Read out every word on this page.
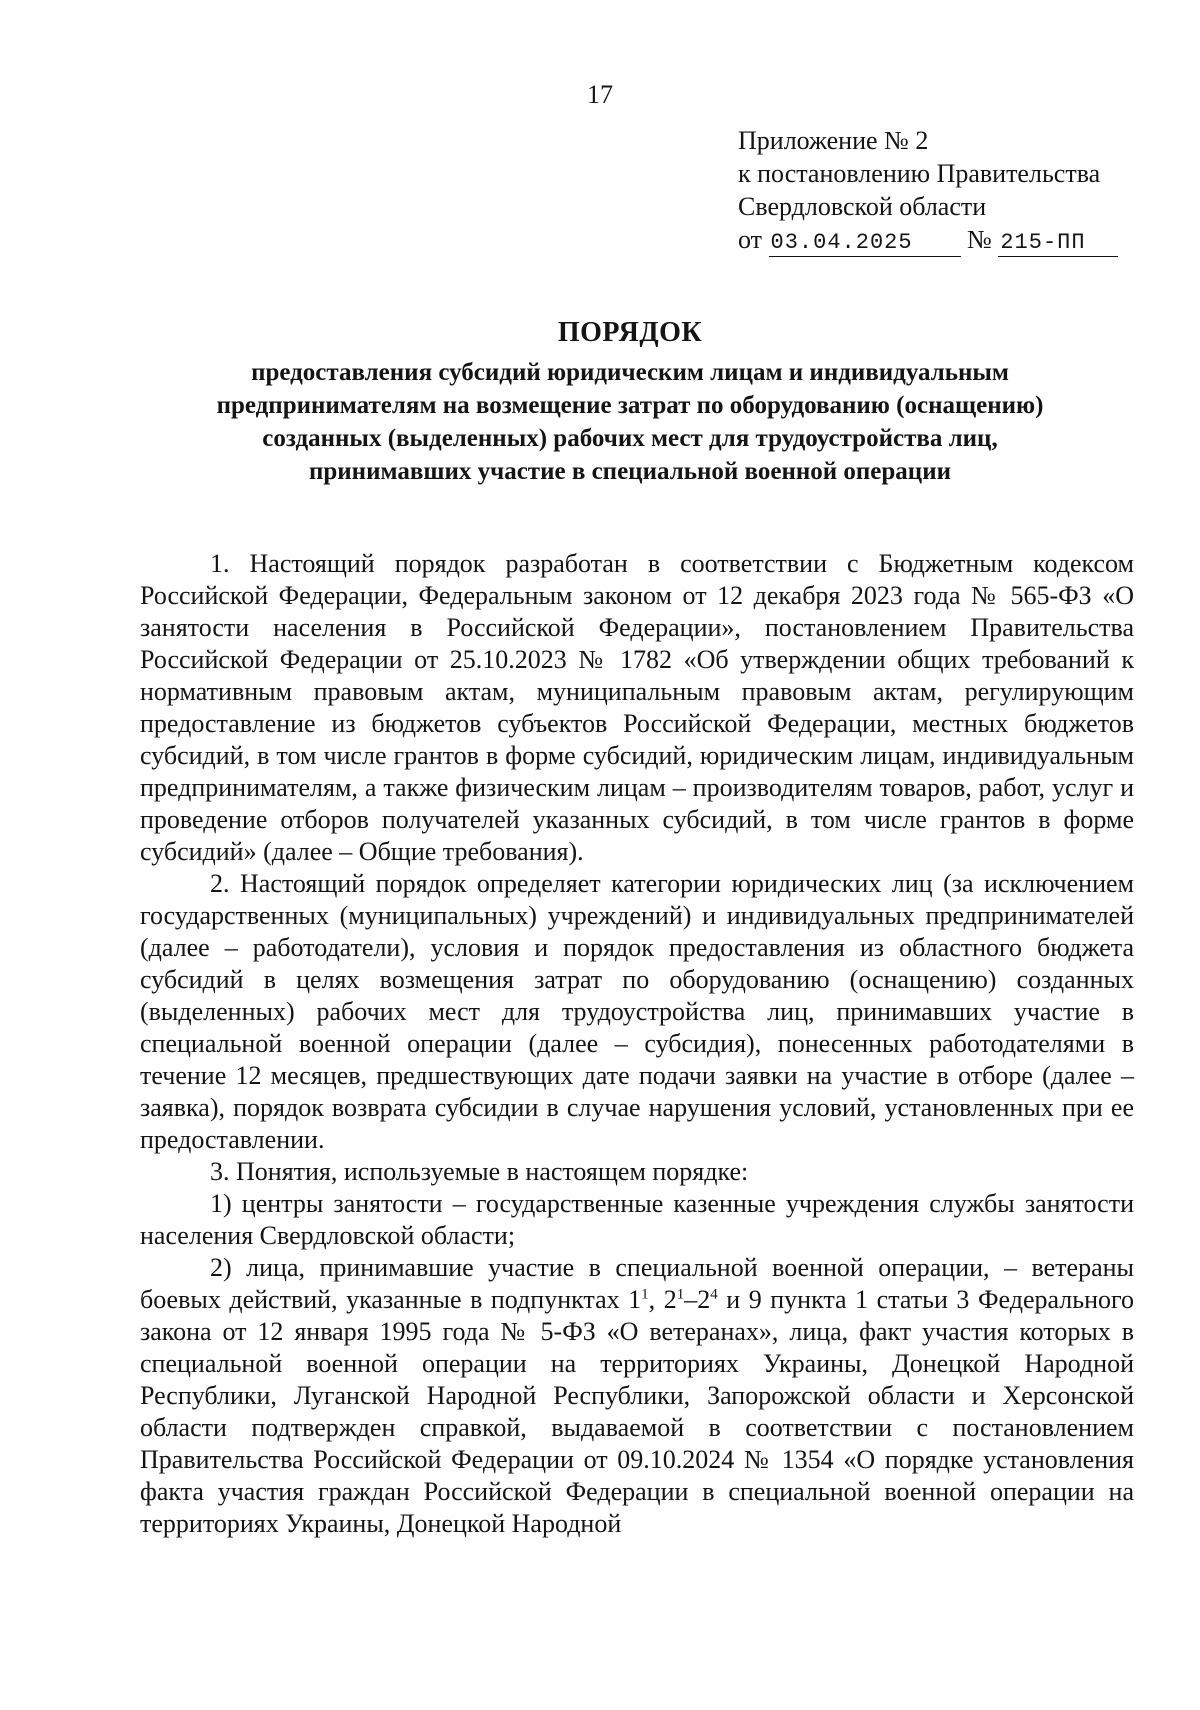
17
Приложение № 2
к постановлению Правительства
Свердловской области
от 03.04.2025 № 215-ПП
ПОРЯДОК
предоставления субсидий юридическим лицам и индивидуальным
предпринимателям на возмещение затрат по оборудованию (оснащению)
созданных (выделенных) рабочих мест для трудоустройства лиц,
принимавших участие в специальной военной операции

1. Настоящий порядок разработан в соответствии с Бюджетным кодексом Российской Федерации, Федеральным законом от 12 декабря 2023 года № 565-ФЗ «О занятости населения в Российской Федерации», постановлением Правительства Российской Федерации от 25.10.2023 № 1782 «Об утверждении общих требований к нормативным правовым актам, муниципальным правовым актам, регулирующим предоставление из бюджетов субъектов Российской Федерации, местных бюджетов субсидий, в том числе грантов в форме субсидий, юридическим лицам, индивидуальным предпринимателям, а также физическим лицам – производителям товаров, работ, услуг и проведение отборов получателей указанных субсидий, в том числе грантов в форме субсидий» (далее – Общие требования).

2. Настоящий порядок определяет категории юридических лиц (за исключением государственных (муниципальных) учреждений) и индивидуальных предпринимателей (далее – работодатели), условия и порядок предоставления из областного бюджета субсидий в целях возмещения затрат по оборудованию (оснащению) созданных (выделенных) рабочих мест для трудоустройства лиц, принимавших участие в специальной военной операции (далее – субсидия), понесенных работодателями в течение 12 месяцев, предшествующих дате подачи заявки на участие в отборе (далее – заявка), порядок возврата субсидии в случае нарушения условий, установленных при ее предоставлении.

3. Понятия, используемые в настоящем порядке:

1) центры занятости – государственные казенные учреждения службы занятости населения Свердловской области;

2) лица, принимавшие участие в специальной военной операции, – ветераны боевых действий, указанные в подпунктах $1^1$, $2^1-2^4$ и 9 пункта 1 статьи 3 Федерального закона от 12 января 1995 года № 5-ФЗ «О ветеранах», лица, факт участия которых в специальной военной операции на территориях Украины, Донецкой Народной Республики, Луганской Народной Республики, Запорожской области и Херсонской области подтвержден справкой, выдаваемой в соответствии с постановлением Правительства Российской Федерации от 09.10.2024 № 1354 «О порядке установления факта участия граждан Российской Федерации в специальной военной операции на территориях Украины, Донецкой Народной
